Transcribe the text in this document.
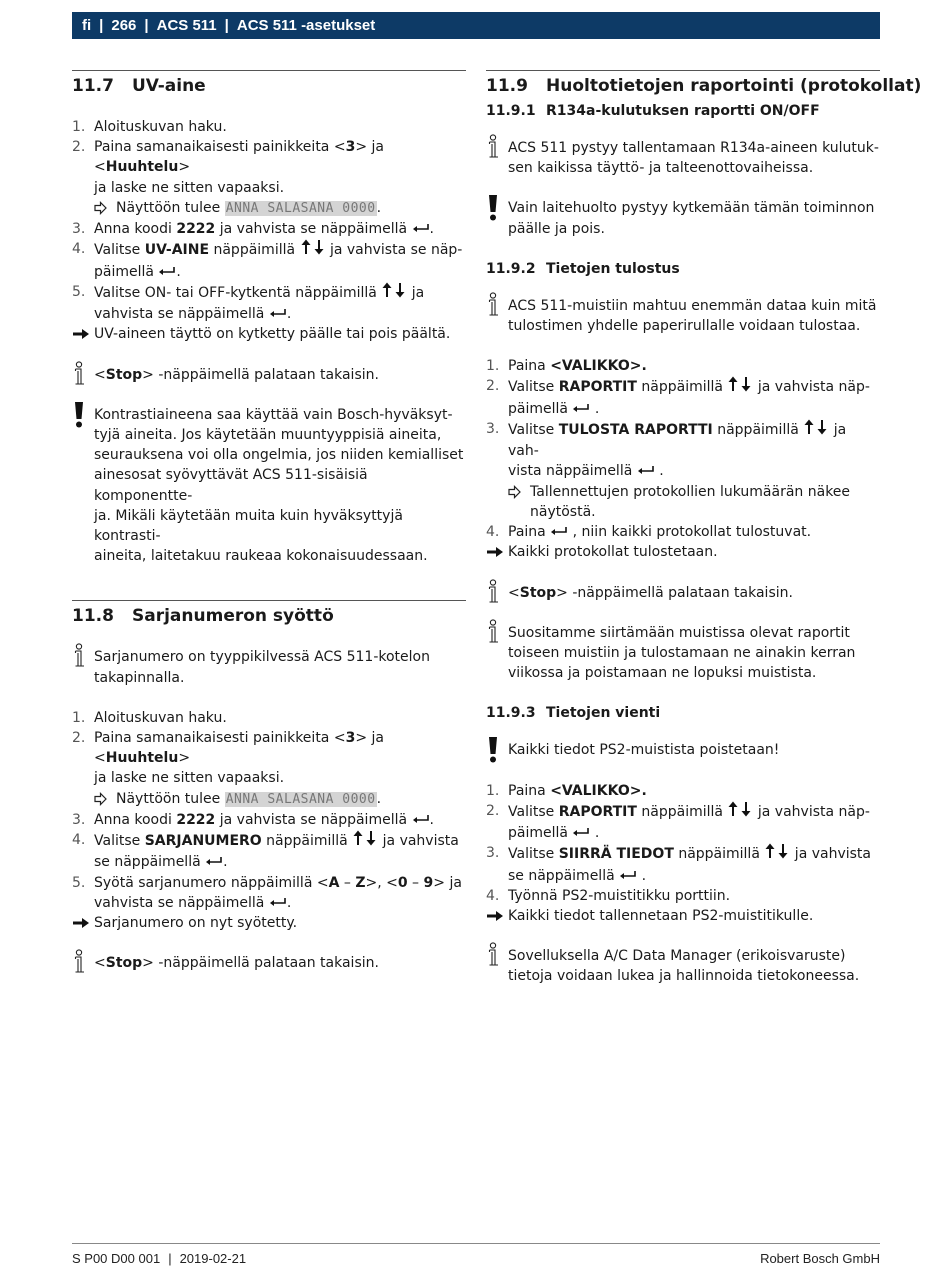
fi | 266 | ACS 511 | ACS 511 -asetukset
11.7 UV-aine
1. Aloituskuvan haku.
2. Paina samanaikaisesti painikkeita <3> ja <Huuhtelu>
ja laske ne sitten vapaaksi.
Näyttöön tulee ANNA SALASANA 0000.
3. Anna koodi 2222 ja vahvista se näppäimellä .
4. Valitse UV-AINE näppäimillä  ja vahvista se näp-
päimellä .
5. Valitse ON- tai OFF-kytkentä näppäimillä  ja
vahvista se näppäimellä .
UV-aineen täyttö on kytketty päälle tai pois päältä.
<Stop> -näppäimellä palataan takaisin.
Kontrastiaineena saa käyttää vain Bosch-hyväksyt-
tyjä aineita. Jos käytetään muuntyyppisiä aineita,
seurauksena voi olla ongelmia, jos niiden kemialliset
ainesosat syövyttävät ACS 511-sisäisiä komponentte-
ja. Mikäli käytetään muita kuin hyväksyttyjä kontrasti-
aineita, laitetakuu raukeaa kokonaisuudessaan.
11.8 Sarjanumeron syöttö
Sarjanumero on tyyppikilvessä ACS 511-kotelon
takapinnalla.
1. Aloituskuvan haku.
2. Paina samanaikaisesti painikkeita <3> ja <Huuhtelu>
ja laske ne sitten vapaaksi.
Näyttöön tulee ANNA SALASANA 0000.
3. Anna koodi 2222 ja vahvista se näppäimellä .
4. Valitse SARJANUMERO näppäimillä  ja vahvista
se näppäimellä .
5. Syötä sarjanumero näppäimillä <A – Z>, <0 – 9> ja
vahvista se näppäimellä .
Sarjanumero on nyt syötetty.
<Stop> -näppäimellä palataan takaisin.
11.9 Huoltotietojen raportointi (protokollat)
11.9.1 R134a-kulutuksen raportti ON/OFF
ACS 511 pystyy tallentamaan R134a-aineen kulutuk-
sen kaikissa täyttö- ja talteenottovaiheissa.
Vain laitehuolto pystyy kytkemään tämän toiminnon
päälle ja pois.
11.9.2 Tietojen tulostus
ACS 511-muistiin mahtuu enemmän dataa kuin mitä
tulostimen yhdelle paperirullalle voidaan tulostaa.
1. Paina <VALIKKO>.
2. Valitse RAPORTIT näppäimillä  ja vahvista näp-
päimellä  .
3. Valitse TULOSTA RAPORTTI näppäimillä  ja vah-
vista näppäimellä  .
Tallennettujen protokollien lukumäärän näkee
näytöstä.
4. Paina  , niin kaikki protokollat tulostuvat.
Kaikki protokollat tulostetaan.
<Stop> -näppäimellä palataan takaisin.
Suositamme siirtämään muistissa olevat raportit
toiseen muistiin ja tulostamaan ne ainakin kerran
viikossa ja poistamaan ne lopuksi muistista.
11.9.3 Tietojen vienti
Kaikki tiedot PS2-muistista poistetaan!
1. Paina <VALIKKO>.
2. Valitse RAPORTIT näppäimillä  ja vahvista näp-
päimellä  .
3. Valitse SIIRRÄ TIEDOT näppäimillä  ja vahvista
se näppäimellä  .
4. Työnnä PS2-muistitikku porttiin.
Kaikki tiedot tallennetaan PS2-muistitikulle.
Sovelluksella A/C Data Manager (erikoisvaruste)
tietoja voidaan lukea ja hallinnoida tietokoneessa.
S P00 D00 001 | 2019-02-21	Robert Bosch GmbH
